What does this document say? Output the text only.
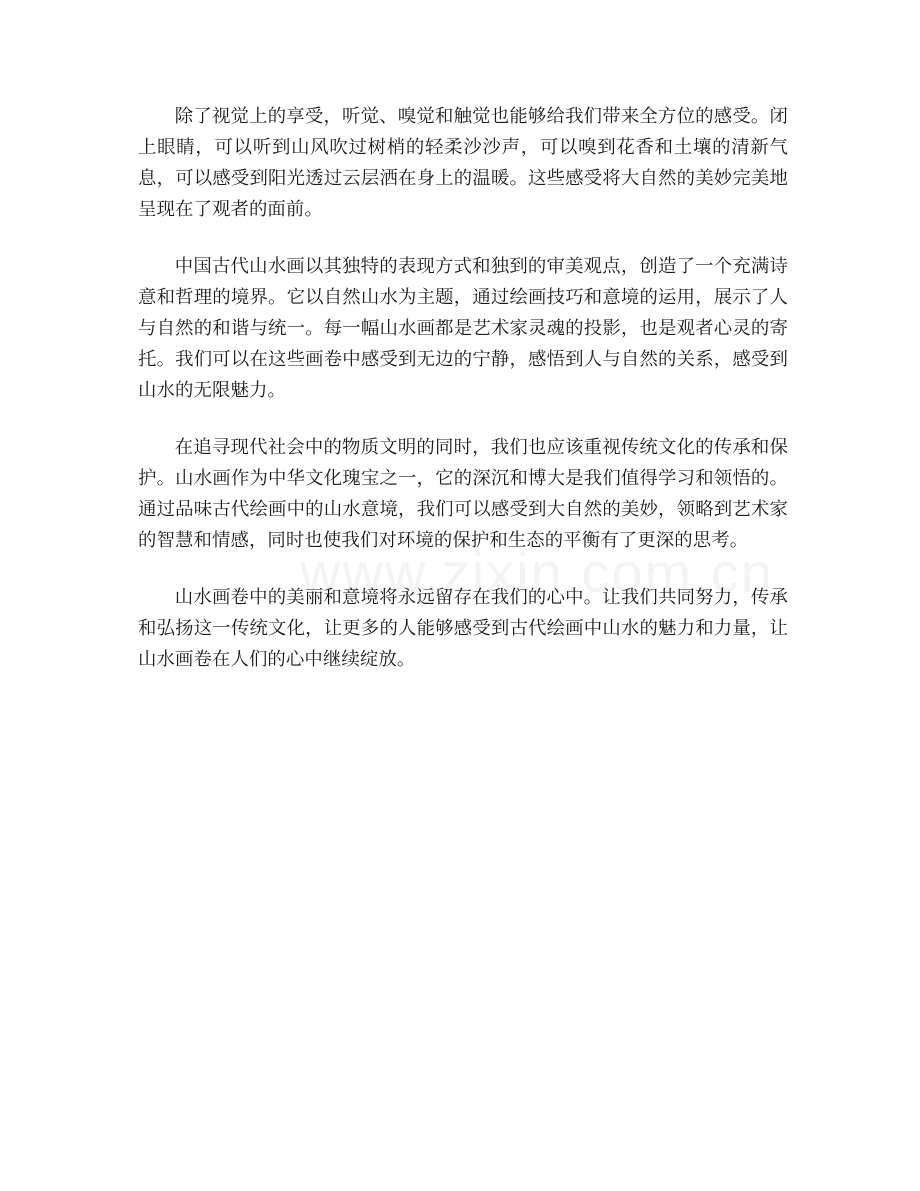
除了视觉上的享受，听觉、嗅觉和触觉也能够给我们带来全方位的感受。闭上眼睛，可以听到山风吹过树梢的轻柔沙沙声，可以嗅到花香和土壤的清新气息，可以感受到阳光透过云层洒在身上的温暖。这些感受将大自然的美妙完美地呈现在了观者的面前。

中国古代山水画以其独特的表现方式和独到的审美观点，创造了一个充满诗意和哲理的境界。它以自然山水为主题，通过绘画技巧和意境的运用，展示了人与自然的和谐与统一。每一幅山水画都是艺术家灵魂的投影，也是观者心灵的寄托。我们可以在这些画卷中感受到无边的宁静，感悟到人与自然的关系，感受到山水的无限魅力。

在追寻现代社会中的物质文明的同时，我们也应该重视传统文化的传承和保护。山水画作为中华文化瑰宝之一，它的深沉和博大是我们值得学习和领悟的。通过品味古代绘画中的山水意境，我们可以感受到大自然的美妙，领略到艺术家的智慧和情感，同时也使我们对环境的保护和生态的平衡有了更深的思考。

山水画卷中的美丽和意境将永远留存在我们的心中。让我们共同努力，传承和弘扬这一传统文化，让更多的人能够感受到古代绘画中山水的魅力和力量，让山水画卷在人们的心中继续绽放。
